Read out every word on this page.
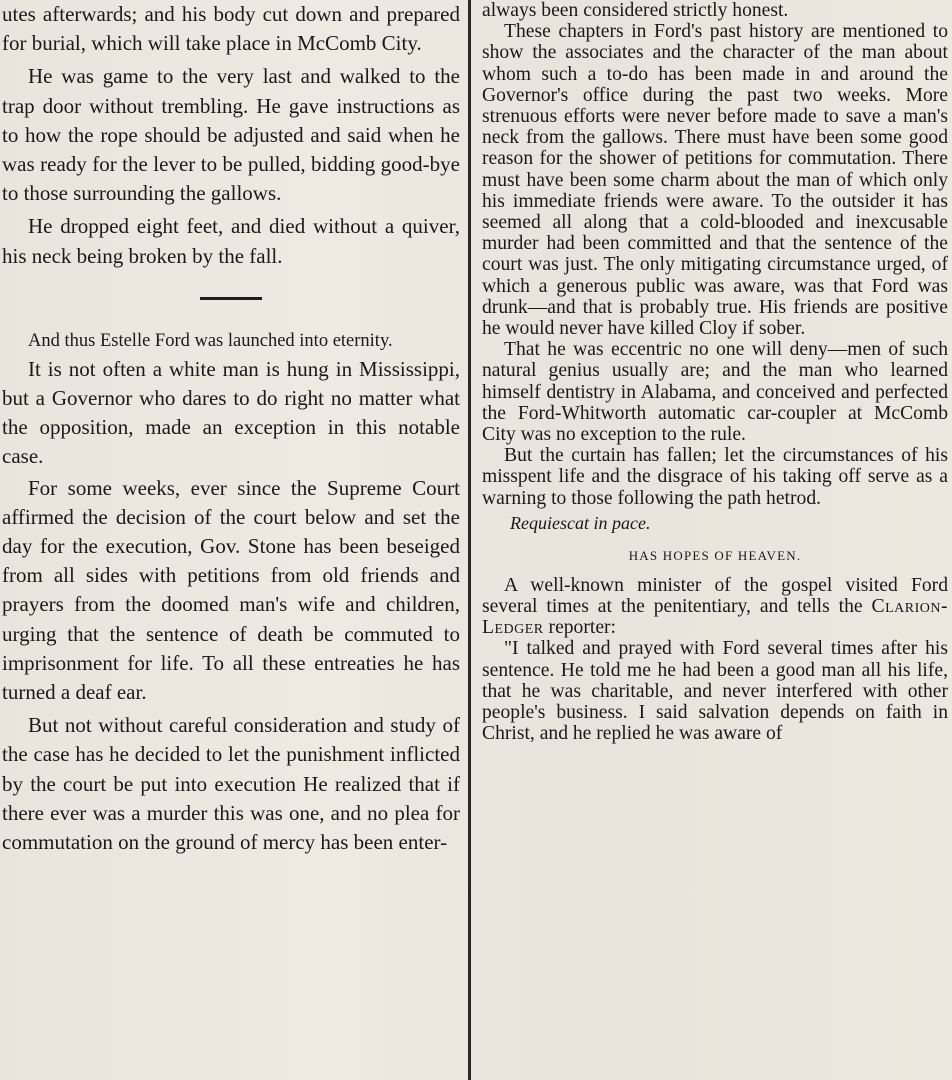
utes afterwards; and his body cut down and prepared for burial, which will take place in McComb City.

He was game to the very last and walked to the trap door without trembling. He gave instructions as to how the rope should be adjusted and said when he was ready for the lever to be pulled, bidding good-bye to those surrounding the gallows.

He dropped eight feet, and died without a quiver, his neck being broken by the fall.

And thus Estelle Ford was launched into eternity.

It is not often a white man is hung in Mississippi, but a Governor who dares to do right no matter what the opposition, made an exception in this notable case.

For some weeks, ever since the Supreme Court affirmed the decision of the court below and set the day for the execution, Gov. Stone has been beseiged from all sides with petitions from old friends and prayers from the doomed man's wife and children, urging that the sentence of death be commuted to imprisonment for life. To all these entreaties he has turned a deaf ear.

But not without careful consideration and study of the case has he decided to let the punishment inflicted by the court be put into execution He realized that if there ever was a murder this was one, and no plea for commutation on the ground of mercy has been enter-

always been considered strictly honest.

These chapters in Ford's past history are mentioned to show the associates and the character of the man about whom such a to-do has been made in and around the Governor's office during the past two weeks. More strenuous efforts were never before made to save a man's neck from the gallows. There must have been some good reason for the shower of petitions for commutation. There must have been some charm about the man of which only his immediate friends were aware. To the outsider it has seemed all along that a cold-blooded and inexcusable murder had been committed and that the sentence of the court was just. The only mitigating circumstance urged, of which a generous public was aware, was that Ford was drunk—and that is probably true. His friends are positive he would never have killed Cloy if sober.

That he was eccentric no one will deny—men of such natural genius usually are; and the man who learned himself dentistry in Alabama, and conceived and perfected the Ford-Whitworth automatic car-coupler at McComb City was no exception to the rule.

But the curtain has fallen; let the circumstances of his misspent life and the disgrace of his taking off serve as a warning to those following the path hetrod.

Requiescat in pace.

HAS HOPES OF HEAVEN.

A well-known minister of the gospel visited Ford several times at the penitentiary, and tells the Clarion-Ledger reporter:

"I talked and prayed with Ford several times after his sentence. He told me he had been a good man all his life, that he was charitable, and never interfered with other people's business. I said salvation depends on faith in Christ, and he replied he was aware of
